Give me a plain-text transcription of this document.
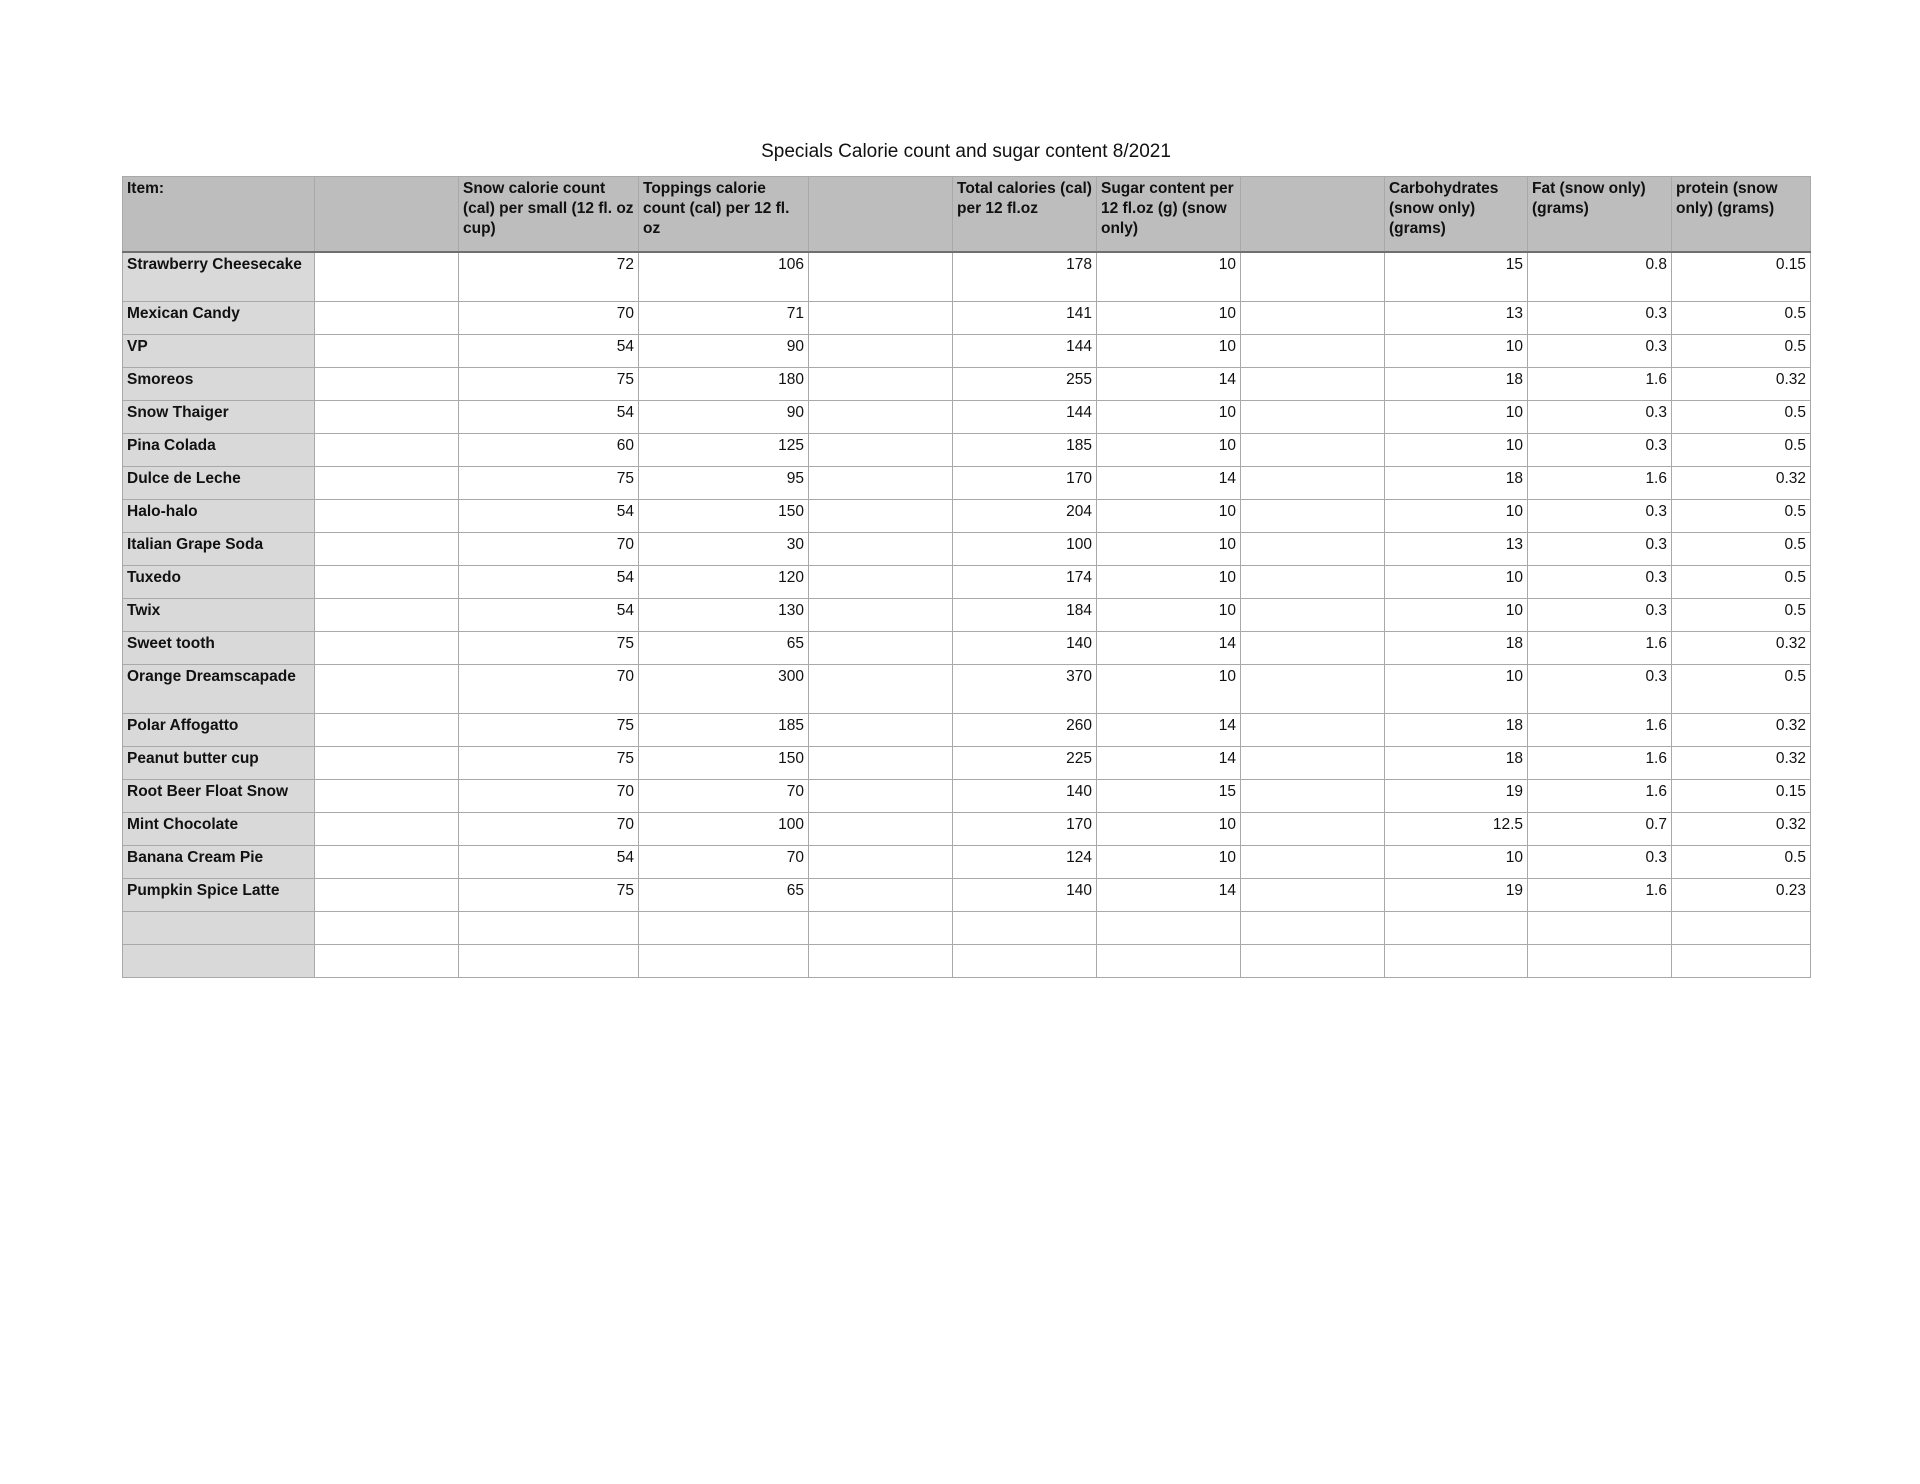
Specials Calorie count and sugar content 8/2021
Item:		Snow calorie count (cal) per small (12 fl. oz cup)	Toppings calorie count (cal) per 12 fl. oz		Total calories (cal) per 12 fl.oz	Sugar content per 12 fl.oz (g) (snow only)		Carbohydrates (snow only) (grams)	Fat (snow only) (grams)	protein (snow only) (grams)
Strawberry Cheesecake		72	106		178	10		15	0.8	0.15
Mexican Candy		70	71		141	10		13	0.3	0.5
VP		54	90		144	10		10	0.3	0.5
Smoreos		75	180		255	14		18	1.6	0.32
Snow Thaiger		54	90		144	10		10	0.3	0.5
Pina Colada		60	125		185	10		10	0.3	0.5
Dulce de Leche		75	95		170	14		18	1.6	0.32
Halo-halo		54	150		204	10		10	0.3	0.5
Italian Grape Soda		70	30		100	10		13	0.3	0.5
Tuxedo		54	120		174	10		10	0.3	0.5
Twix		54	130		184	10		10	0.3	0.5
Sweet tooth		75	65		140	14		18	1.6	0.32
Orange Dreamscapade		70	300		370	10		10	0.3	0.5
Polar Affogatto		75	185		260	14		18	1.6	0.32
Peanut butter cup		75	150		225	14		18	1.6	0.32
Root Beer Float Snow		70	70		140	15		19	1.6	0.15
Mint Chocolate		70	100		170	10		12.5	0.7	0.32
Banana Cream Pie		54	70		124	10		10	0.3	0.5
Pumpkin Spice Latte		75	65		140	14		19	1.6	0.23
